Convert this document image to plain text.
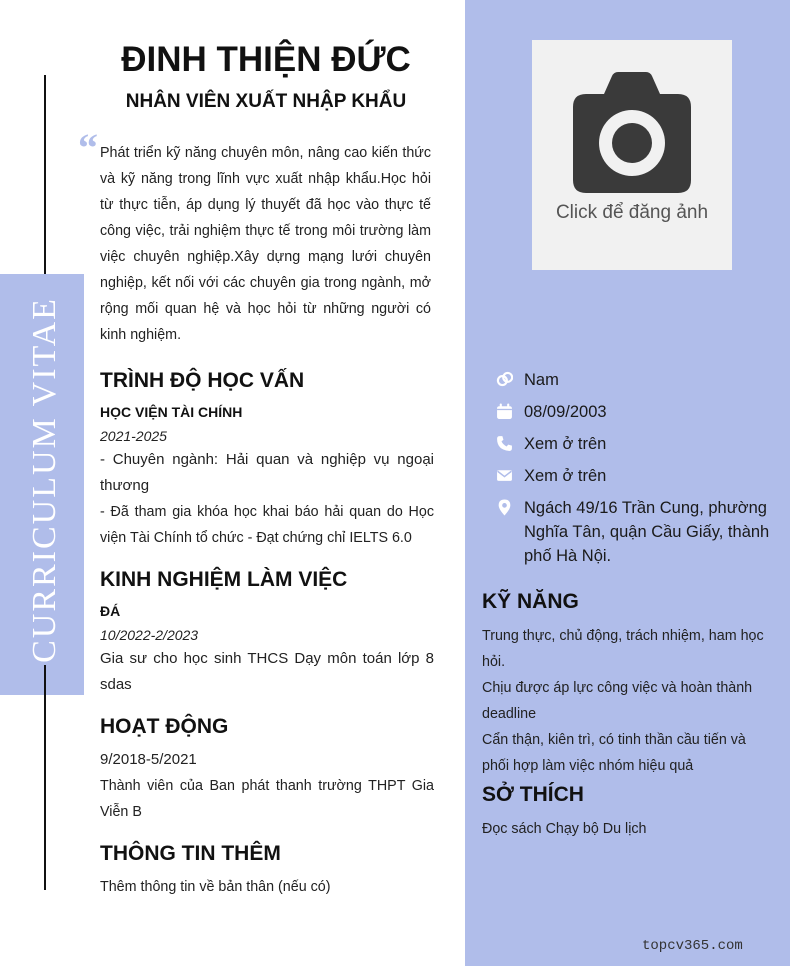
CURRICULUM VITAE
ĐINH THIỆN ĐỨC
NHÂN VIÊN XUẤT NHẬP KHẨU
“ Phát triển kỹ năng chuyên môn, nâng cao kiến thức và kỹ năng trong lĩnh vực xuất nhập khẩu.Học hỏi từ thực tiễn, áp dụng lý thuyết đã học vào thực tế công việc, trải nghiệm thực tế trong môi trường làm việc chuyên nghiệp.Xây dựng mạng lưới chuyên nghiệp, kết nối với các chuyên gia trong ngành, mở rộng mối quan hệ và học hỏi từ những người có kinh nghiệm.
TRÌNH ĐỘ HỌC VẤN
HỌC VIỆN TÀI CHÍNH
2021-2025
- Chuyên ngành: Hải quan và nghiệp vụ ngoại thương
- Đã tham gia khóa học khai báo hải quan do Học viện Tài Chính tổ chức - Đạt chứng chỉ IELTS 6.0
KINH NGHIỆM LÀM VIỆC
ĐÁ
10/2022-2/2023
Gia sư cho học sinh THCS Dạy môn toán lớp 8 sdas
HOẠT ĐỘNG
9/2018-5/2021
Thành viên của Ban phát thanh trường THPT Gia Viễn B
THÔNG TIN THÊM
Thêm thông tin về bản thân (nếu có)
Click để đăng ảnh
Nam
08/09/2003
Xem ở trên
Xem ở trên
Ngách 49/16 Trần Cung, phường Nghĩa Tân, quận Cầu Giấy, thành phố Hà Nội.
KỸ NĂNG
Trung thực, chủ động, trách nhiệm, ham học hỏi.
Chịu được áp lực công việc và hoàn thành deadline
Cẩn thận, kiên trì, có tinh thần cầu tiến và phối hợp làm việc nhóm hiệu quả
SỞ THÍCH
Đọc sách Chạy bộ Du lịch
topcv365.com
